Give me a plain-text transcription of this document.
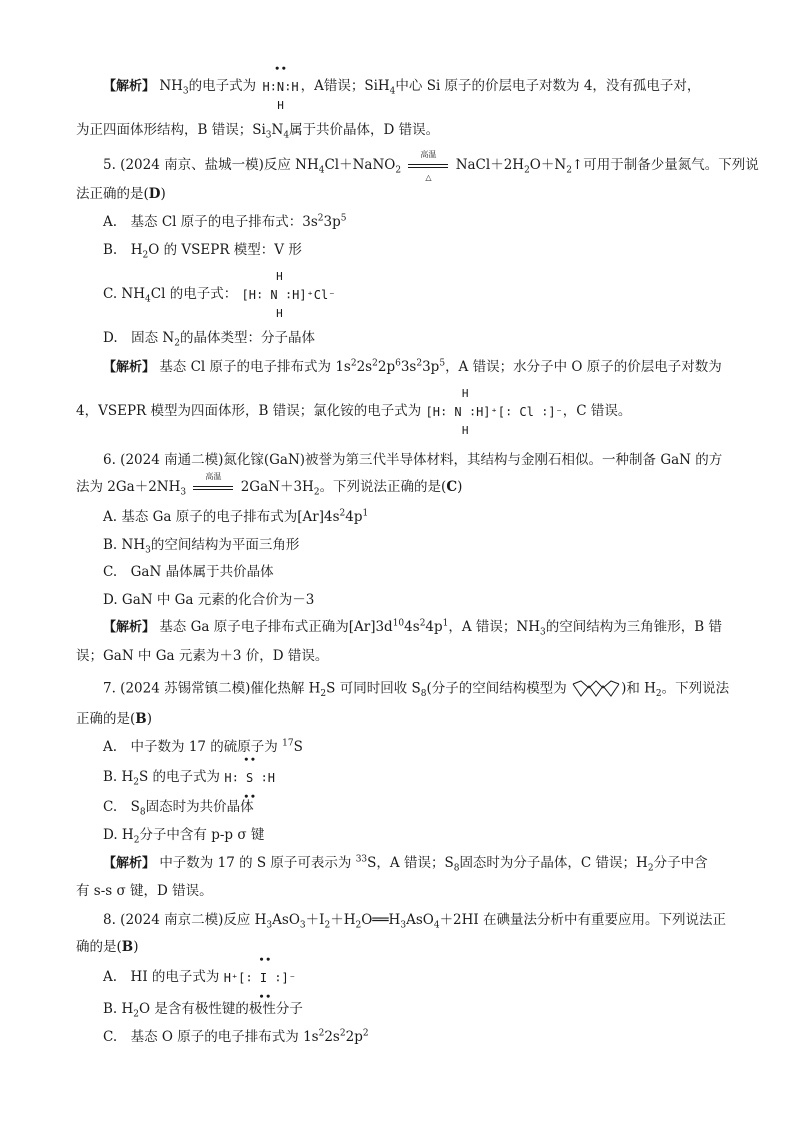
【解析】 $NH_3$的电子式为
∙∙
H∶N∶H
H
，A错误；SiH$_4$中心 Si 原子的价层电子对数为 4，没有孤电子对，
为正四面体形结构，B 错误；$Si_3N_4$属于共价晶体，D 错误。
5. (2024 南京、盐城一模)反应 $NH_4Cl+NaNO_2$
高温
△
$NaCl+2H_2O+N_2↑$可用于制备少量氮气。下列说
法正确的是(D)
A.　基态 Cl 原子的电子排布式：$3s^23p^5$
B.　$H_2O$ 的 VSEPR 模型：V 形
C. $NH_4Cl$ 的电子式：
H
[H∶ N ∶H]⁺Cl⁻
H
D.　固态 $N_2$的晶体类型：分子晶体
【解析】 基态 Cl 原子的电子排布式为 $1s^22s^22p^63s^23p^5$，A 错误；水分子中 O 原子的价层电子对数为
4，VSEPR 模型为四面体形，B 错误；氯化铵的电子式为
H
[H∶ N ∶H]⁺[∶ Cl ∶]⁻
H
，C 错误。
6. (2024 南通二模)氮化镓(GaN)被誉为第三代半导体材料，其结构与金刚石相似。一种制备 GaN 的方
法为 $2Ga+2NH_3$
高温
$2GaN+3H_2$。下列说法正确的是(C)
A. 基态 Ga 原子的电子排布式为$[Ar]4s^24p^1$
B. $NH_3$的空间结构为平面三角形
C.　GaN 晶体属于共价晶体
D. GaN 中 Ga 元素的化合价为－3
【解析】 基态 Ga 原子电子排布式正确为$[Ar]3d^{10}4s^24p^1$，A 错误；$NH_3$的空间结构为三角锥形，B 错
误；GaN 中 Ga 元素为＋3 价，D 错误。
7. (2024 苏锡常镇二模)催化热解 $H_2S$ 可同时回收 $S_8$(分子的空间结构模型为	)和 $H_2$。下列说法
正确的是(B)
A.　中子数为 17 的硫原子为 $^{17}$S
B. $H_2S$ 的电子式为
∙∙
H∶ S ∶H
∙∙
C.　$S_8$固态时为共价晶体
D. $H_2$分子中含有 p-p σ 键
【解析】 中子数为 17 的 S 原子可表示为 $^{33}$S，A 错误；$S_8$固态时为分子晶体，C 错误；$H_2$分子中含
有 s-s σ 键，D 错误。
8. (2024 南京二模)反应 $H_3AsO_3+I_2+H_2O══H_3AsO_4+2HI$ 在碘量法分析中有重要应用。下列说法正
确的是(B)
A.　HI 的电子式为
∙∙
H⁺[∶ I ∶]⁻
∙∙
B. $H_2O$ 是含有极性键的极性分子
C.　基态 O 原子的电子排布式为 $1s^22s^22p^2$
